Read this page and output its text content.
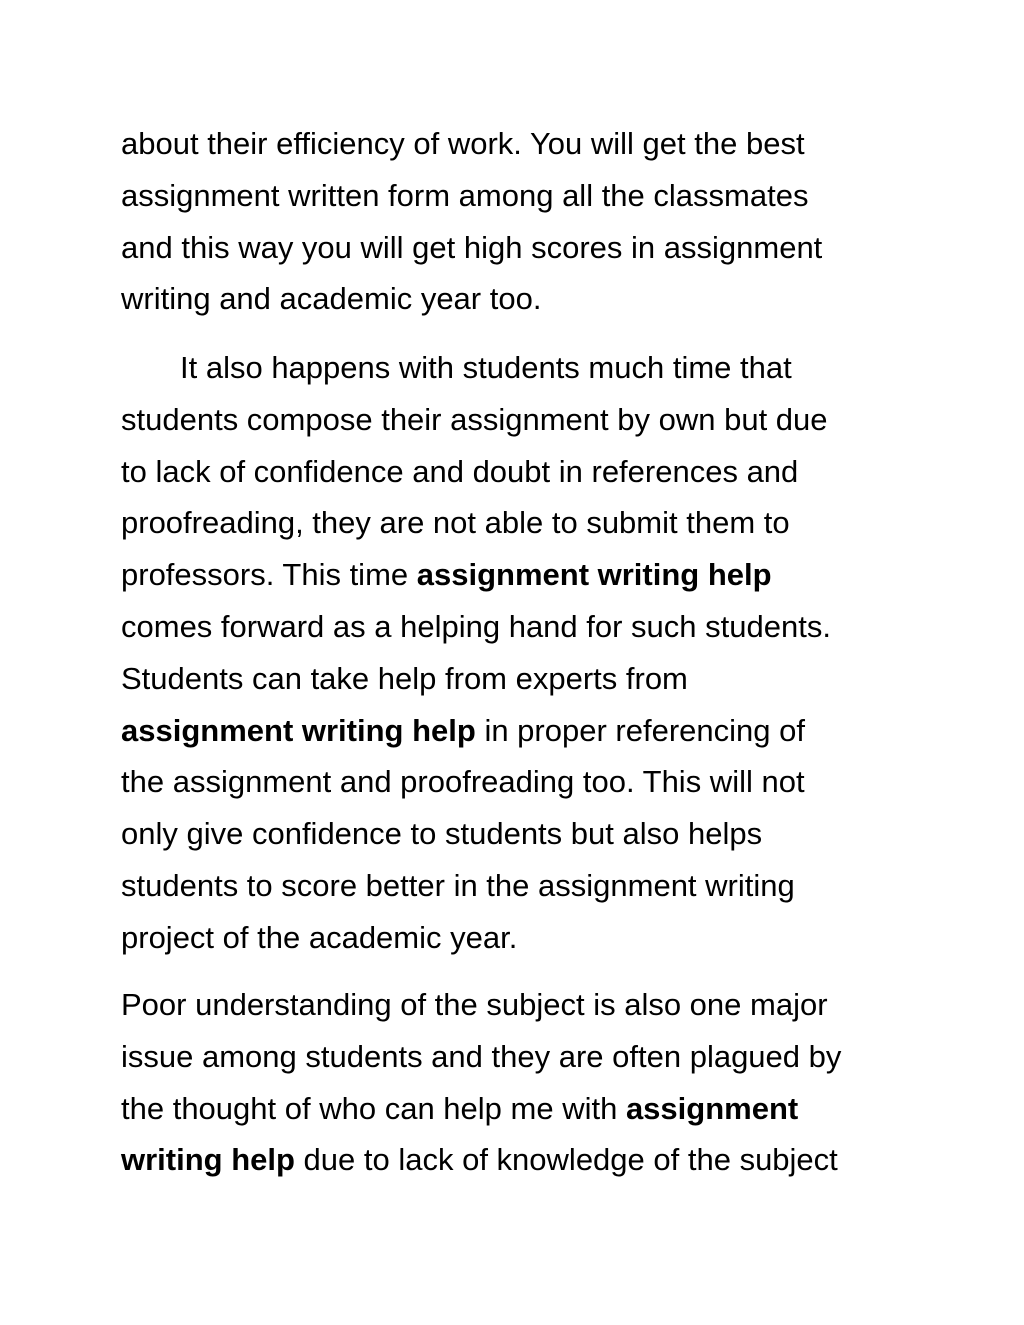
about their efficiency of work. You will get the best
assignment written form among all the classmates
and this way you will get high scores in assignment
writing and academic year too.

It also happens with students much time that
students compose their assignment by own but due
to lack of confidence and doubt in references and
proofreading, they are not able to submit them to
professors. This time assignment writing help
comes forward as a helping hand for such students.
Students can take help from experts from
assignment writing help in proper referencing of
the assignment and proofreading too. This will not
only give confidence to students but also helps
students to score better in the assignment writing
project of the academic year.

Poor understanding of the subject is also one major
issue among students and they are often plagued by
the thought of who can help me with assignment
writing help due to lack of knowledge of the subject
